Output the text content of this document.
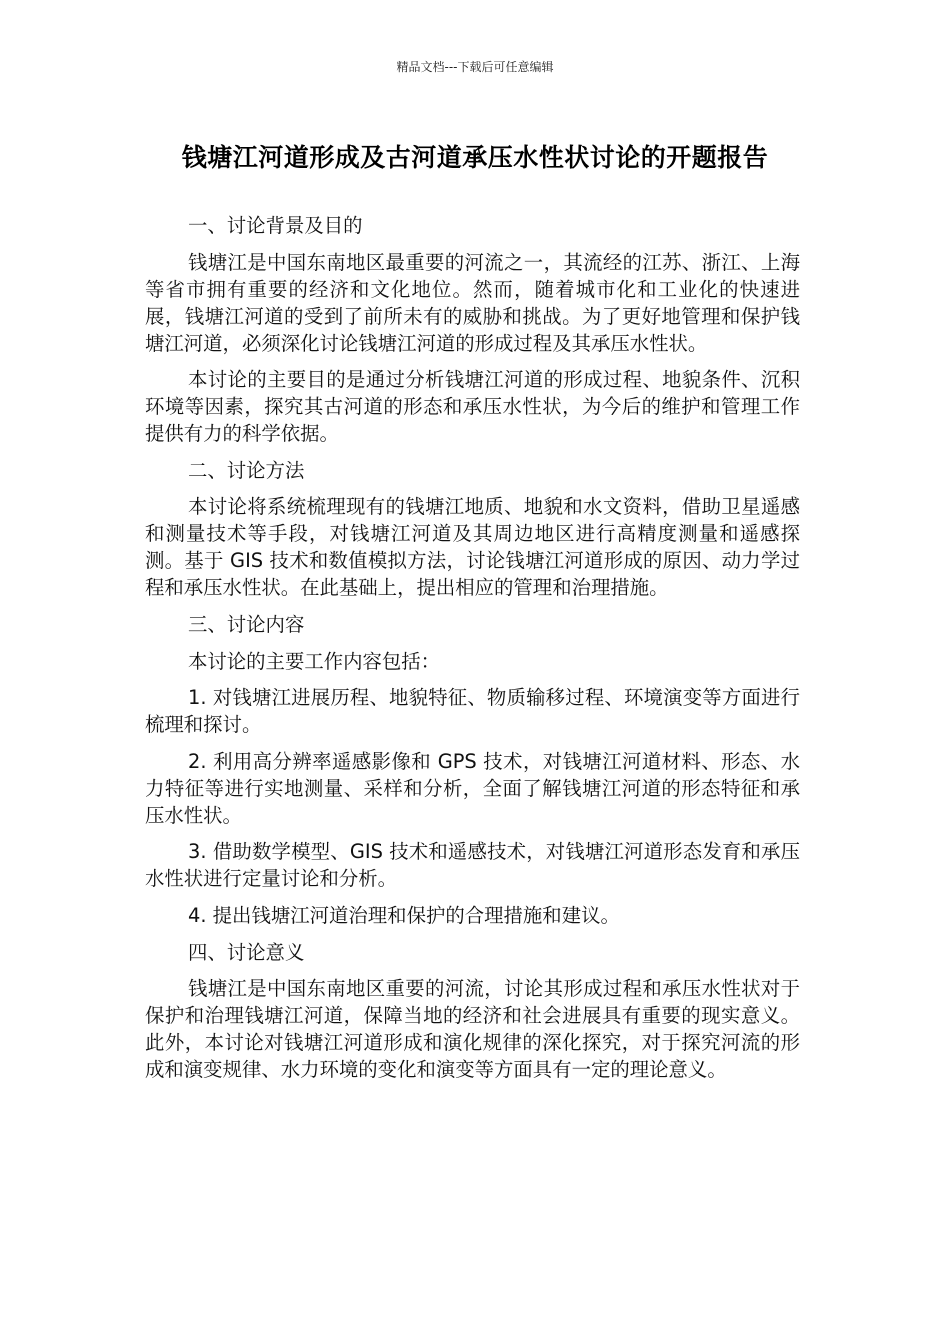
精品文档---下载后可任意编辑
钱塘江河道形成及古河道承压水性状讨论的开题报告

一、讨论背景及目的

钱塘江是中国东南地区最重要的河流之一，其流经的江苏、浙江、上海等省市拥有重要的经济和文化地位。然而，随着城市化和工业化的快速进展，钱塘江河道的受到了前所未有的威胁和挑战。为了更好地管理和保护钱塘江河道，必须深化讨论钱塘江河道的形成过程及其承压水性状。

本讨论的主要目的是通过分析钱塘江河道的形成过程、地貌条件、沉积环境等因素，探究其古河道的形态和承压水性状，为今后的维护和管理工作提供有力的科学依据。

二、讨论方法

本讨论将系统梳理现有的钱塘江地质、地貌和水文资料，借助卫星遥感和测量技术等手段，对钱塘江河道及其周边地区进行高精度测量和遥感探测。基于 GIS 技术和数值模拟方法，讨论钱塘江河道形成的原因、动力学过程和承压水性状。在此基础上，提出相应的管理和治理措施。

三、讨论内容

本讨论的主要工作内容包括：

1. 对钱塘江进展历程、地貌特征、物质输移过程、环境演变等方面进行梳理和探讨。

2. 利用高分辨率遥感影像和 GPS 技术，对钱塘江河道材料、形态、水力特征等进行实地测量、采样和分析，全面了解钱塘江河道的形态特征和承压水性状。

3. 借助数学模型、GIS 技术和遥感技术，对钱塘江河道形态发育和承压水性状进行定量讨论和分析。

4. 提出钱塘江河道治理和保护的合理措施和建议。

四、讨论意义

钱塘江是中国东南地区重要的河流，讨论其形成过程和承压水性状对于保护和治理钱塘江河道，保障当地的经济和社会进展具有重要的现实意义。此外，本讨论对钱塘江河道形成和演化规律的深化探究，对于探究河流的形成和演变规律、水力环境的变化和演变等方面具有一定的理论意义。
